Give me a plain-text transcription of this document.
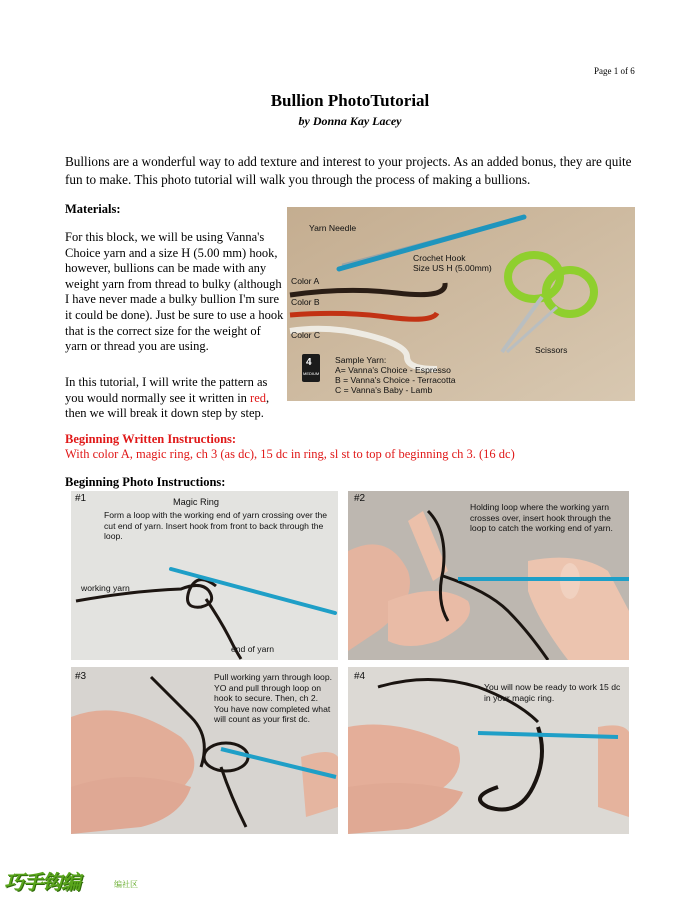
Page 1 of 6
Bullion PhotoTutorial
by Donna Kay Lacey
Bullions are a wonderful way to add texture and interest to your projects. As an added bonus, they are quite fun to make. This photo tutorial will walk you through the process of making a bullions.
Materials:
For this block, we will be using Vanna's Choice yarn and a size H (5.00 mm) hook, however, bullions can be made with any weight yarn from thread to bulky (although I have never made a bulky bullion I'm sure it could be done). Just be sure to use a hook that is the correct size for the weight of yarn or thread you are using.
In this tutorial, I will write the pattern as you would normally see it written in red, then we will break it down step by step.
Yarn Needle
Crochet Hook
Size US H (5.00mm)
Color A
Color B
Color C
Scissors
4
MEDIUM
Sample Yarn:
A= Vanna's Choice - Espresso
B = Vanna's Choice - Terracotta
C = Vanna's Baby - Lamb
Beginning Written Instructions:
With color A, magic ring, ch 3 (as dc), 15 dc in ring, sl st to top of beginning ch 3. (16 dc)
Beginning Photo Instructions:
#1	Magic Ring
Form a loop with the working end of yarn crossing over the cut end of yarn. Insert hook from front to back through the loop.
working yarn
end of yarn
#2
Holding loop where the working yarn crosses over, insert hook through the loop to catch the working end of yarn.
#3	Pull working yarn through loop. YO and pull through loop on hook to secure. Then, ch 2. You have now completed what will count as your first dc.
#4
You will now be ready to work 15 dc in your magic ring.
巧手钩编	编社区
